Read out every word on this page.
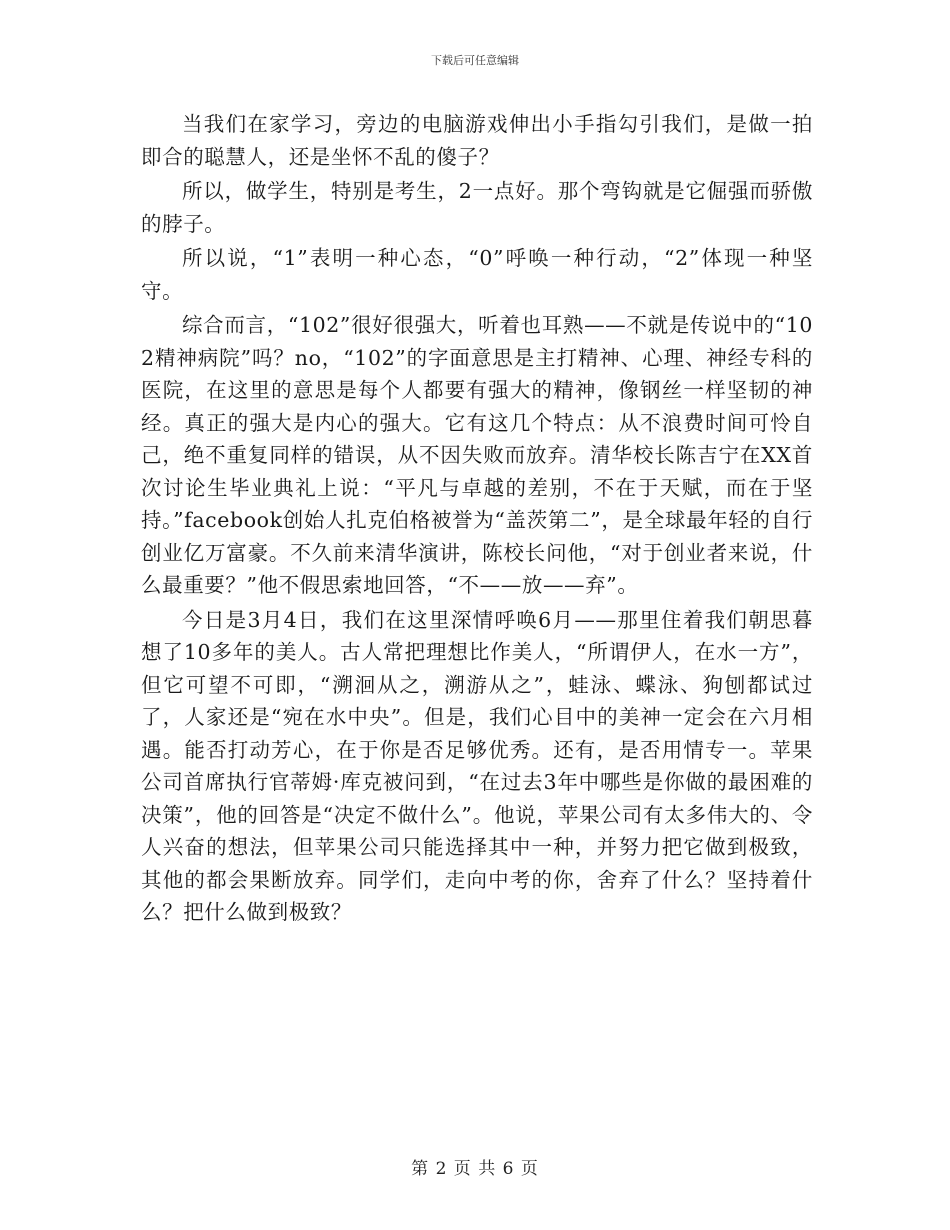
下载后可任意编辑

当我们在家学习，旁边的电脑游戏伸出小手指勾引我们，是做一拍即合的聪慧人，还是坐怀不乱的傻子？

所以，做学生，特别是考生，2一点好。那个弯钩就是它倔强而骄傲的脖子。

所以说，“1”表明一种心态，“0”呼唤一种行动，“2”体现一种坚守。

综合而言，“102”很好很强大，听着也耳熟——不就是传说中的“102精神病院”吗？no，“102”的字面意思是主打精神、心理、神经专科的医院，在这里的意思是每个人都要有强大的精神，像钢丝一样坚韧的神经。真正的强大是内心的强大。它有这几个特点：从不浪费时间可怜自己，绝不重复同样的错误，从不因失败而放弃。清华校长陈吉宁在XX首次讨论生毕业典礼上说：“平凡与卓越的差别，不在于天赋，而在于坚持。”facebook创始人扎克伯格被誉为“盖茨第二”，是全球最年轻的自行创业亿万富豪。不久前来清华演讲，陈校长问他，“对于创业者来说，什么最重要？”他不假思索地回答，“不——放——弃”。

今日是3月4日，我们在这里深情呼唤6月——那里住着我们朝思暮想了10多年的美人。古人常把理想比作美人，“所谓伊人，在水一方”，但它可望不可即，“溯洄从之，溯游从之”，蛙泳、蝶泳、狗刨都试过了，人家还是“宛在水中央”。但是，我们心目中的美神一定会在六月相遇。能否打动芳心，在于你是否足够优秀。还有，是否用情专一。苹果公司首席执行官蒂姆·库克被问到，“在过去3年中哪些是你做的最困难的决策”，他的回答是“决定不做什么”。他说，苹果公司有太多伟大的、令人兴奋的想法，但苹果公司只能选择其中一种，并努力把它做到极致，其他的都会果断放弃。同学们，走向中考的你，舍弃了什么？坚持着什么？把什么做到极致？

第 2 页 共 6 页
